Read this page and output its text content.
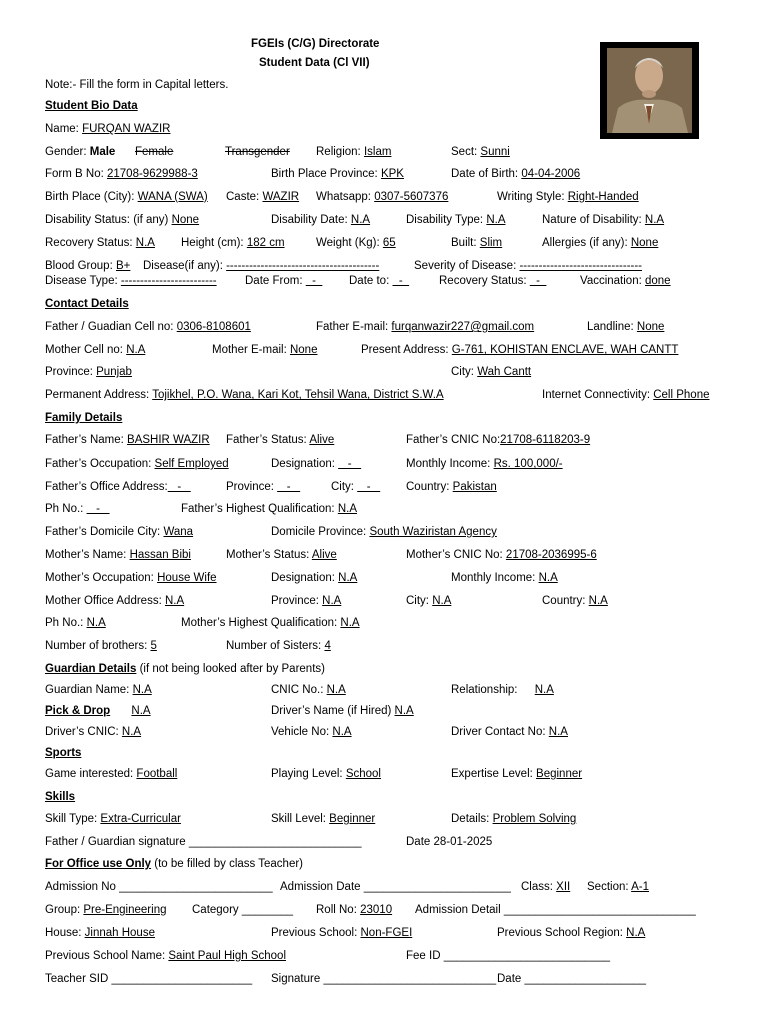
FGEIs (C/G) Directorate
Student Data (Cl VII)
Note:- Fill the form in Capital letters.
Student Bio Data
Name: FURQAN WAZIR
Gender: Male Female	Transgender Religion: Islam	Sect: Sunni
Form B No: 21708-9629988-3	Birth Place Province: KPK	Date of Birth: 04-04-2006
Birth Place (City): WANA (SWA) Caste: WAZIR Whatsapp: 0307-5607376	Writing Style: Right-Handed
Disability Status: (if any) None	Disability Date: N.A	Disability Type: N.A	Nature of Disability: N.A
Recovery Status: N.A Height (cm): 182 cm	Weight (Kg): 65	Built: Slim	Allergies (if any): None
Blood Group: B+ Disease(if any): ----------------------------------------	Severity of Disease: --------------------------------
Disease Type: ------------------------- Date From:   - Date to:   -	Recovery Status:   -	Vaccination: done
Contact Details
Father / Guadian Cell no: 0306-8108601	Father E-mail: furqanwazir227@gmail.com	Landline: None
Mother Cell no: N.A	Mother E-mail: None	Present Address: G-761, KOHISTAN ENCLAVE, WAH CANTT
Province: Punjab	City: Wah Cantt
Permanent Address: Tojikhel, P.O. Wana, Kari Kot, Tehsil Wana, District S.W.A	Internet Connectivity: Cell Phone
Family Details
Father’s Name: BASHIR WAZIR Father’s Status: Alive	Father’s CNIC No:21708-6118203-9
Father’s Occupation: Self Employed	Designation:    -	Monthly Income: Rs. 100,000/-
Father’s Office Address:   -	Province:    -	City:    - Country: Pakistan
Ph No.:    -	Father’s Highest Qualification: N.A
Father’s Domicile City: Wana	Domicile Province: South Waziristan Agency
Mother’s Name: Hassan Bibi	Mother’s Status: Alive	Mother’s CNIC No: 21708-2036995-6
Mother’s Occupation: House Wife	Designation: N.A	Monthly Income: N.A
Mother Office Address: N.A	Province: N.A	City: N.A	Country: N.A
Ph No.: N.A	Mother’s Highest Qualification: N.A
Number of brothers: 5	Number of Sisters: 4
Guardian Details (if not being looked after by Parents)
Guardian Name: N.A	CNIC No.: N.A	Relationship: N.A
Pick & Drop N.A	Driver’s Name (if Hired) N.A
Driver’s CNIC: N.A	Vehicle No: N.A	Driver Contact No: N.A
Sports
Game interested: Football	Playing Level: School	Expertise Level: Beginner
Skills
Skill Type: Extra-Curricular	Skill Level: Beginner	Details: Problem Solving
Father / Guardian signature ___________________________	Date 28-01-2025
For Office use Only (to be filled by class Teacher)
Admission No ________________________ Admission Date _______________________ Class: XII Section: A-1
Group: Pre-Engineering Category ________ Roll No: 23010 Admission Detail ______________________________
House: Jinnah House	Previous School: Non-FGEI	Previous School Region: N.A
Previous School Name: Saint Paul High School	Fee ID __________________________
Teacher SID ______________________ Signature ___________________________ Date ___________________
